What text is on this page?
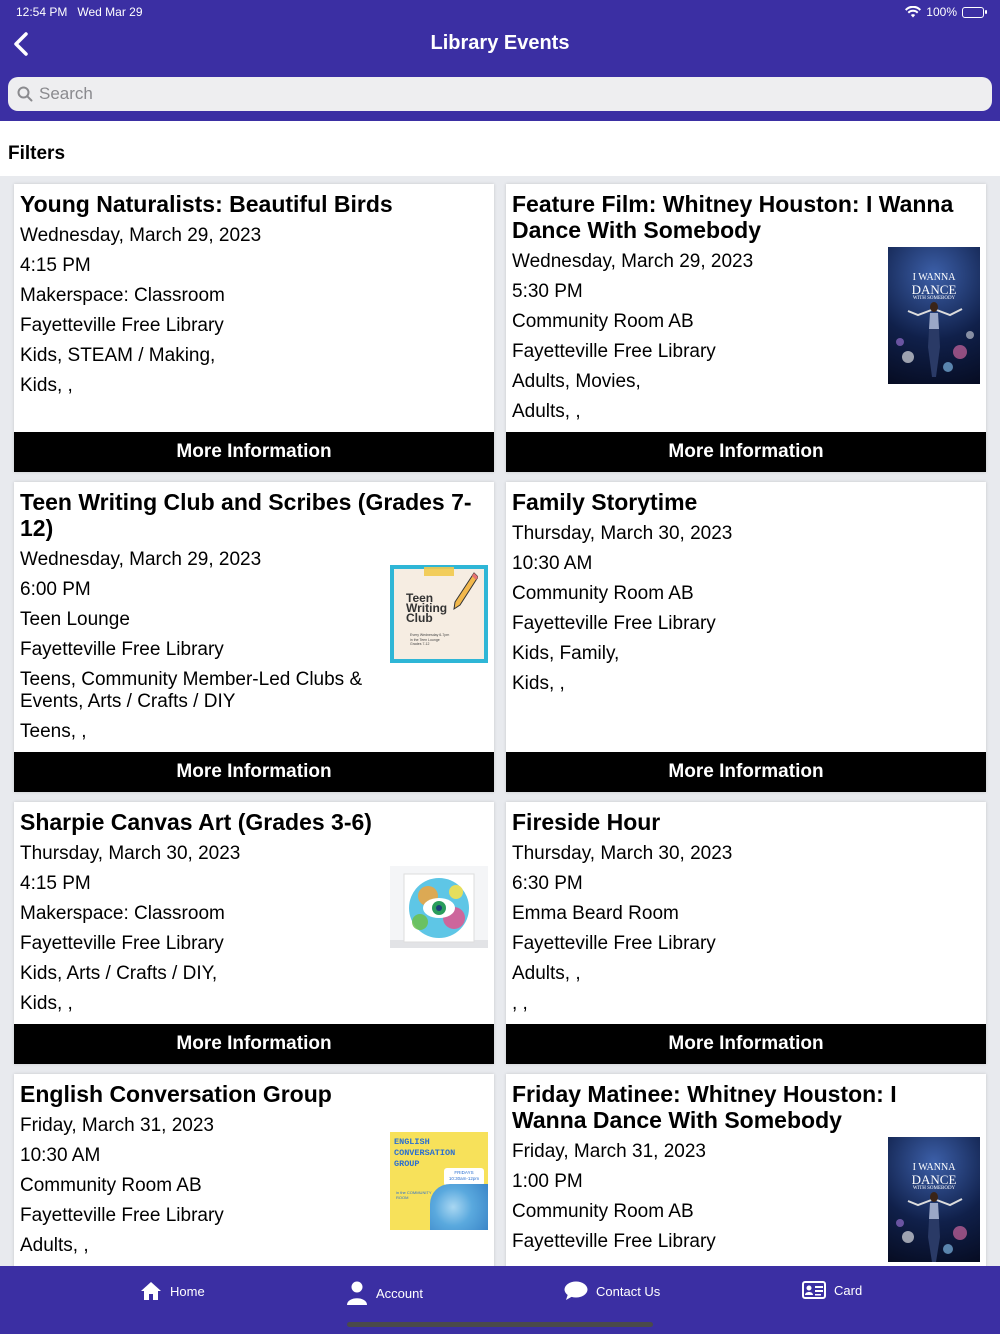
12:54 PM Wed Mar 29	100%
Library Events
Search
Filters
Young Naturalists: Beautiful Birds
Wednesday, March 29, 2023
4:15 PM
Makerspace: Classroom
Fayetteville Free Library
Kids, STEAM / Making,
Kids, ,
More Information
Feature Film: Whitney Houston: I Wanna Dance With Somebody
Wednesday, March 29, 2023
5:30 PM
Community Room AB
Fayetteville Free Library
Adults, Movies,
Adults, ,
I WANNA
DANCE
WITH SOMEBODY
More Information
Teen Writing Club and Scribes (Grades 7-12)
Wednesday, March 29, 2023
6:00 PM
Teen Lounge
Fayetteville Free Library
Teens, Community Member-Led Clubs & Events, Arts / Crafts / DIY
Teens, ,
Teen
Writing
Club
Every Wednesday 6-7pm
in the Teen Lounge
Grades 7-12
More Information
Family Storytime
Thursday, March 30, 2023
10:30 AM
Community Room AB
Fayetteville Free Library
Kids, Family,
Kids, ,
More Information
Sharpie Canvas Art (Grades 3-6)
Thursday, March 30, 2023
4:15 PM
Makerspace: Classroom
Fayetteville Free Library
Kids, Arts / Crafts / DIY,
Kids, ,
More Information
Fireside Hour
Thursday, March 30, 2023
6:30 PM
Emma Beard Room
Fayetteville Free Library
Adults, ,
, ,
More Information
English Conversation Group
Friday, March 31, 2023
10:30 AM
Community Room AB
Fayetteville Free Library
Adults, ,
ENGLISH
CONVERSATION
GROUP
FRIDAYS
10:30am-12pm
in the COMMUNITY ROOM
Friday Matinee: Whitney Houston: I Wanna Dance With Somebody
Friday, March 31, 2023
1:00 PM
Community Room AB
Fayetteville Free Library
I WANNA
DANCE
WITH SOMEBODY
Home	Account	Contact Us	Card
